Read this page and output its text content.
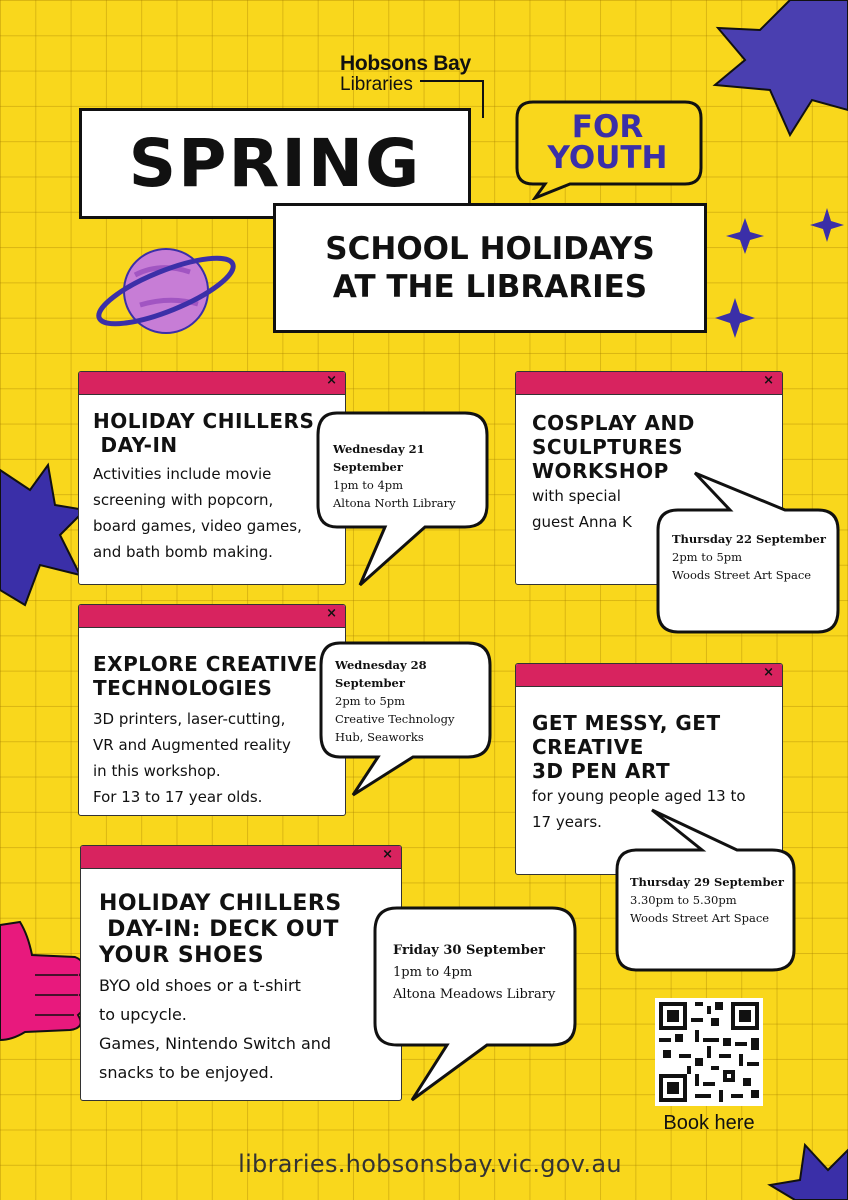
Hobsons Bay
Libraries
SPRING
SCHOOL HOLIDAYS
AT THE LIBRARIES
FOR
YOUTH
×
HOLIDAY CHILLERS
DAY-IN
Activities include movie
screening with popcorn,
board games, video games,
and bath bomb making.
Wednesday 21 September
1pm to 4pm
Altona North Library
×
COSPLAY AND
SCULPTURES
WORKSHOP
with special
guest Anna K
Thursday 22 September
2pm to 5pm
Woods Street Art Space
×
EXPLORE CREATIVE
TECHNOLOGIES
3D printers, laser-cutting,
VR and Augmented reality
in this workshop.
For 13 to 17 year olds.
Wednesday 28 September
2pm to 5pm
Creative Technology
Hub, Seaworks
×
GET MESSY, GET
CREATIVE
3D PEN ART
for young people aged 13 to
17 years.
Thursday 29 September
3.30pm to 5.30pm
Woods Street Art Space
×
HOLIDAY CHILLERS
DAY-IN: DECK OUT
YOUR SHOES
BYO old shoes or a t-shirt
to upcycle.
Games, Nintendo Switch and
snacks to be enjoyed.
Friday 30 September
1pm to 4pm
Altona Meadows Library
Book here
libraries.hobsonsbay.vic.gov.au
